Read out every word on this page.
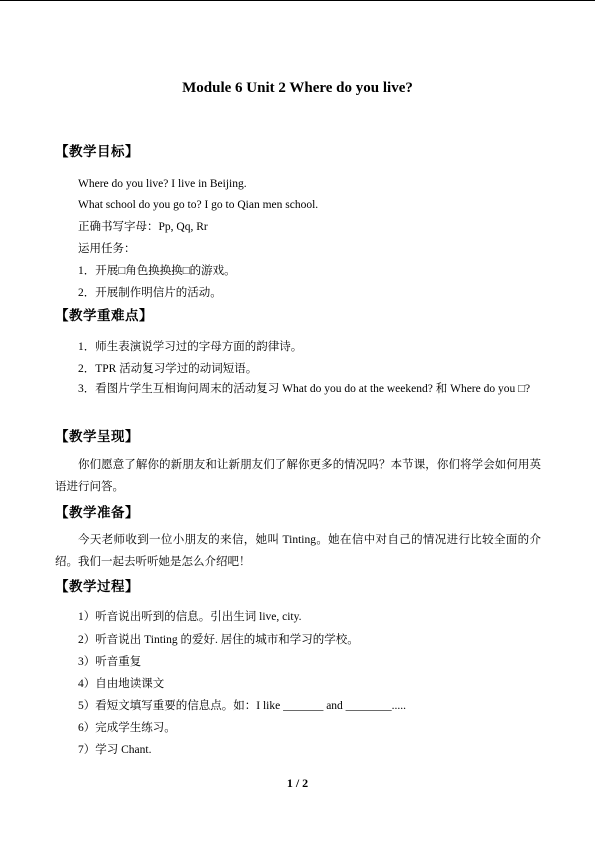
Module 6 Unit 2 Where do you live?
【教学目标】
Where do you live? I live in Beijing.
What school do you go to? I go to Qian men school.
正确书写字母：Pp, Qq, Rr
运用任务：
1．开展□角色换换换□的游戏。
2．开展制作明信片的活动。
【教学重难点】
1．师生表演说学习过的字母方面的韵律诗。
2．TPR 活动复习学过的动词短语。
3．看图片学生互相询问周末的活动复习 What do you do at the weekend? 和 Where do you □?
【教学呈现】
你们愿意了解你的新朋友和让新朋友们了解你更多的情况吗？本节课，你们将学会如何用英语进行问答。
【教学准备】
今天老师收到一位小朋友的来信，她叫 Tinting。她在信中对自己的情况进行比较全面的介绍。我们一起去听听她是怎么介绍吧！
【教学过程】
1）听音说出听到的信息。引出生词 live, city.
2）听音说出 Tinting 的爱好. 居住的城市和学习的学校。
3）听音重复
4）自由地读课文
5）看短文填写重要的信息点。如：I like _______ and ________.....
6）完成学生练习。
7）学习 Chant.
1 / 2
